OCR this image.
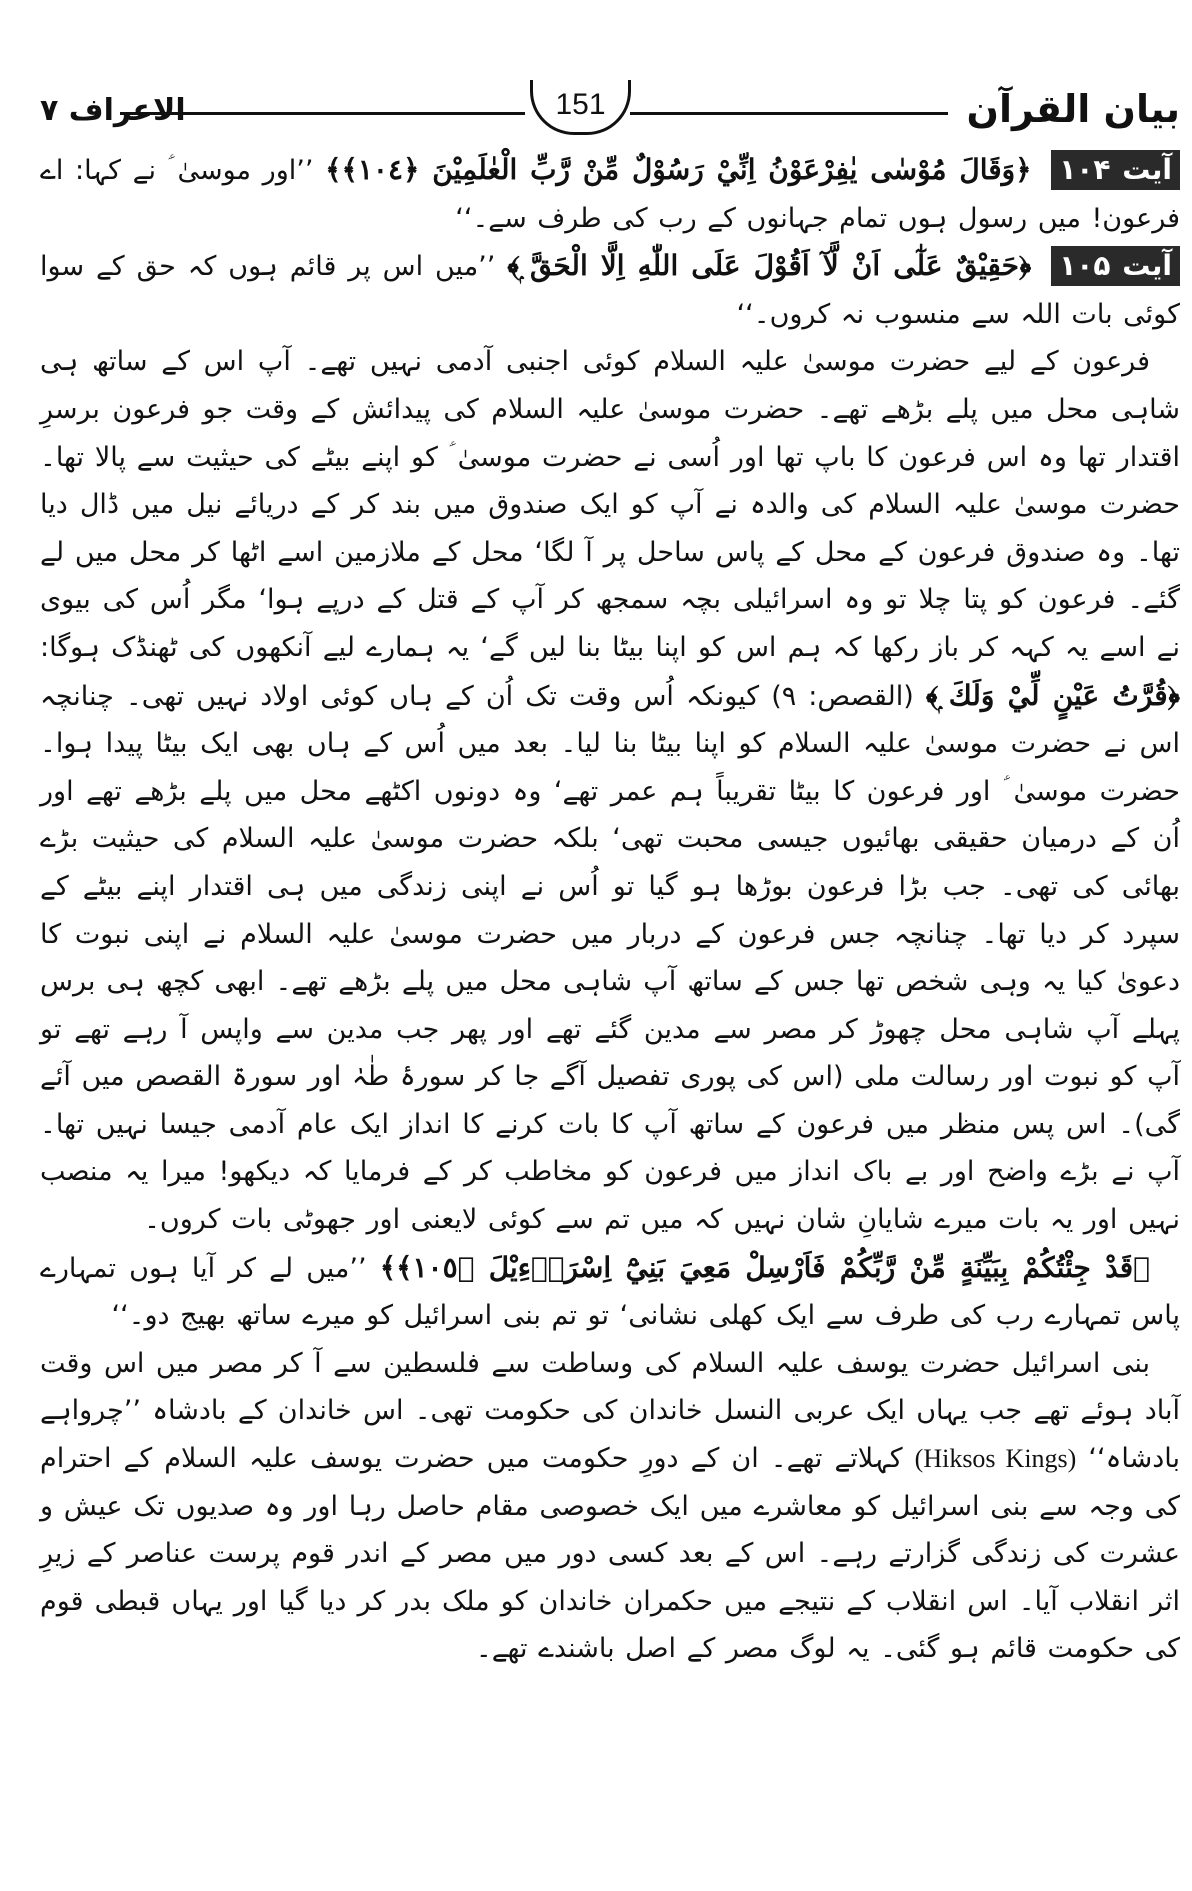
بیان القرآن
151
الاعراف ۷

آیت ۱۰۴ ﴿وَقَالَ مُوْسٰى يٰفِرْعَوْنُ اِنِّيْ رَسُوْلٌ مِّنْ رَّبِّ الْعٰلَمِيْنَ ﴿١٠٤﴾﴾ ’’اور موسیٰ ؑ نے کہا: اے فرعون! میں رسول ہوں تمام جہانوں کے رب کی طرف سے۔‘‘

آیت ۱۰۵ ﴿حَقِيْقٌ عَلٰٓى اَنْ لَّآ اَقُوْلَ عَلَى اللّٰهِ اِلَّا الْحَقَّ ۭ﴾ ’’میں اس پر قائم ہوں کہ حق کے سوا کوئی بات اللہ سے منسوب نہ کروں۔‘‘

فرعون کے لیے حضرت موسیٰ علیہ السلام کوئی اجنبی آدمی نہیں تھے۔ آپ اس کے ساتھ ہی شاہی محل میں پلے بڑھے تھے۔ حضرت موسیٰ علیہ السلام کی پیدائش کے وقت جو فرعون برسرِ اقتدار تھا وہ اس فرعون کا باپ تھا اور اُسی نے حضرت موسیٰ ؑ کو اپنے بیٹے کی حیثیت سے پالا تھا۔ حضرت موسیٰ علیہ السلام کی والدہ نے آپ کو ایک صندوق میں بند کر کے دریائے نیل میں ڈال دیا تھا۔ وہ صندوق فرعون کے محل کے پاس ساحل پر آ لگا‘ محل کے ملازمین اسے اٹھا کر محل میں لے گئے۔ فرعون کو پتا چلا تو وہ اسرائیلی بچہ سمجھ کر آپ کے قتل کے درپے ہوا‘ مگر اُس کی بیوی نے اسے یہ کہہ کر باز رکھا کہ ہم اس کو اپنا بیٹا بنا لیں گے‘ یہ ہمارے لیے آنکھوں کی ٹھنڈک ہوگا: ﴿قُرَّتُ عَيْنٍ لِّيْ وَلَكَ ۭ﴾ (القصص: ۹) کیونکہ اُس وقت تک اُن کے ہاں کوئی اولاد نہیں تھی۔ چنانچہ اس نے حضرت موسیٰ علیہ السلام کو اپنا بیٹا بنا لیا۔ بعد میں اُس کے ہاں بھی ایک بیٹا پیدا ہوا۔ حضرت موسیٰ ؑ اور فرعون کا بیٹا تقریباً ہم عمر تھے‘ وہ دونوں اکٹھے محل میں پلے بڑھے تھے اور اُن کے درمیان حقیقی بھائیوں جیسی محبت تھی‘ بلکہ حضرت موسیٰ علیہ السلام کی حیثیت بڑے بھائی کی تھی۔ جب بڑا فرعون بوڑھا ہو گیا تو اُس نے اپنی زندگی میں ہی اقتدار اپنے بیٹے کے سپرد کر دیا تھا۔ چنانچہ جس فرعون کے دربار میں حضرت موسیٰ علیہ السلام نے اپنی نبوت کا دعویٰ کیا یہ وہی شخص تھا جس کے ساتھ آپ شاہی محل میں پلے بڑھے تھے۔ ابھی کچھ ہی برس پہلے آپ شاہی محل چھوڑ کر مصر سے مدین گئے تھے اور پھر جب مدین سے واپس آ رہے تھے تو آپ کو نبوت اور رسالت ملی (اس کی پوری تفصیل آگے جا کر سورۂ طٰہٰ اور سورۃ القصص میں آئے گی)۔ اس پس منظر میں فرعون کے ساتھ آپ کا بات کرنے کا انداز ایک عام آدمی جیسا نہیں تھا۔ آپ نے بڑے واضح اور بے باک انداز میں فرعون کو مخاطب کر کے فرمایا کہ دیکھو! میرا یہ منصب نہیں اور یہ بات میرے شایانِ شان نہیں کہ میں تم سے کوئی لایعنی اور جھوٹی بات کروں۔

﴿قَدْ جِئْتُكُمْ بِبَيِّنَةٍ مِّنْ رَّبِّكُمْ فَاَرْسِلْ مَعِيَ بَنِيْٓ اِسْرَاۗءِيْلَ ﴿١٠٥﴾﴾ ’’میں لے کر آیا ہوں تمہارے پاس تمہارے رب کی طرف سے ایک کھلی نشانی‘ تو تم بنی اسرائیل کو میرے ساتھ بھیج دو۔‘‘

بنی اسرائیل حضرت یوسف علیہ السلام کی وساطت سے فلسطین سے آ کر مصر میں اس وقت آباد ہوئے تھے جب یہاں ایک عربی النسل خاندان کی حکومت تھی۔ اس خاندان کے بادشاہ ’’چرواہے بادشاہ‘‘ (Hiksos Kings) کہلاتے تھے۔ ان کے دورِ حکومت میں حضرت یوسف علیہ السلام کے احترام کی وجہ سے بنی اسرائیل کو معاشرے میں ایک خصوصی مقام حاصل رہا اور وہ صدیوں تک عیش و عشرت کی زندگی گزارتے رہے۔ اس کے بعد کسی دور میں مصر کے اندر قوم پرست عناصر کے زیرِ اثر انقلاب آیا۔ اس انقلاب کے نتیجے میں حکمران خاندان کو ملک بدر کر دیا گیا اور یہاں قبطی قوم کی حکومت قائم ہو گئی۔ یہ لوگ مصر کے اصل باشندے تھے۔
